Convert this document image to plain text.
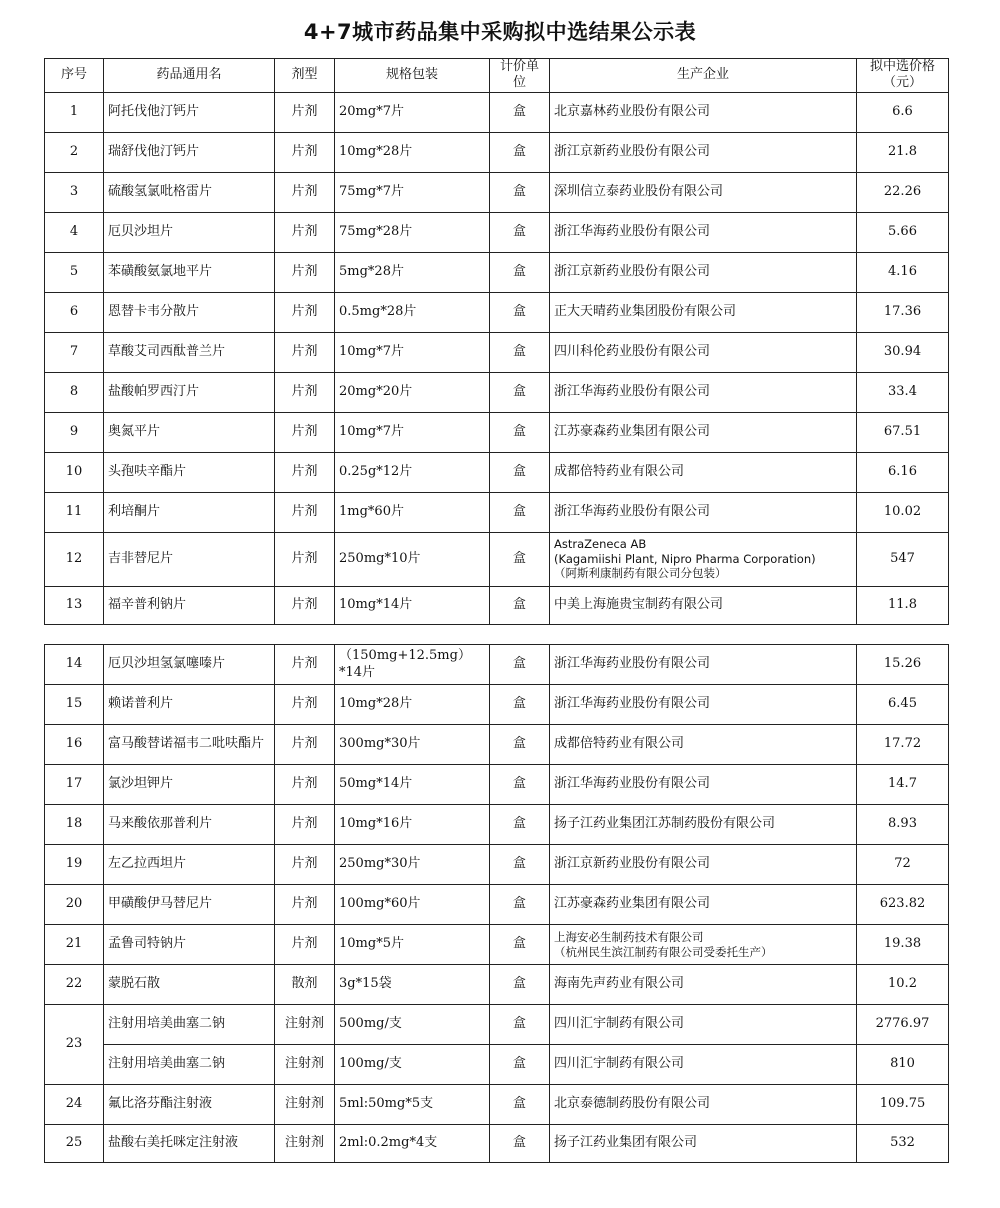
4+7城市药品集中采购拟中选结果公示表
序号	药品通用名	剂型	规格包装	计价单位	生产企业	拟中选价格（元）
1	阿托伐他汀钙片	片剂	20mg*7片	盒	北京嘉林药业股份有限公司	6.6
2	瑞舒伐他汀钙片	片剂	10mg*28片	盒	浙江京新药业股份有限公司	21.8
3	硫酸氢氯吡格雷片	片剂	75mg*7片	盒	深圳信立泰药业股份有限公司	22.26
4	厄贝沙坦片	片剂	75mg*28片	盒	浙江华海药业股份有限公司	5.66
5	苯磺酸氨氯地平片	片剂	5mg*28片	盒	浙江京新药业股份有限公司	4.16
6	恩替卡韦分散片	片剂	0.5mg*28片	盒	正大天晴药业集团股份有限公司	17.36
7	草酸艾司西酞普兰片	片剂	10mg*7片	盒	四川科伦药业股份有限公司	30.94
8	盐酸帕罗西汀片	片剂	20mg*20片	盒	浙江华海药业股份有限公司	33.4
9	奥氮平片	片剂	10mg*7片	盒	江苏豪森药业集团有限公司	67.51
10	头孢呋辛酯片	片剂	0.25g*12片	盒	成都倍特药业有限公司	6.16
11	利培酮片	片剂	1mg*60片	盒	浙江华海药业股份有限公司	10.02
12	吉非替尼片	片剂	250mg*10片	盒	AstraZeneca AB
(Kagamiishi Plant, Nipro Pharma Corporation)
（阿斯利康制药有限公司分包装）	547
13	福辛普利钠片	片剂	10mg*14片	盒	中美上海施贵宝制药有限公司	11.8
14	厄贝沙坦氢氯噻嗪片	片剂	（150mg+12.5mg）*14片	盒	浙江华海药业股份有限公司	15.26
15	赖诺普利片	片剂	10mg*28片	盒	浙江华海药业股份有限公司	6.45
16	富马酸替诺福韦二吡呋酯片	片剂	300mg*30片	盒	成都倍特药业有限公司	17.72
17	氯沙坦钾片	片剂	50mg*14片	盒	浙江华海药业股份有限公司	14.7
18	马来酸依那普利片	片剂	10mg*16片	盒	扬子江药业集团江苏制药股份有限公司	8.93
19	左乙拉西坦片	片剂	250mg*30片	盒	浙江京新药业股份有限公司	72
20	甲磺酸伊马替尼片	片剂	100mg*60片	盒	江苏豪森药业集团有限公司	623.82
21	孟鲁司特钠片	片剂	10mg*5片	盒	上海安必生制药技术有限公司
（杭州民生滨江制药有限公司受委托生产）	19.38
22	蒙脱石散	散剂	3g*15袋	盒	海南先声药业有限公司	10.2
23	注射用培美曲塞二钠	注射剂	500mg/支	盒	四川汇宇制药有限公司	2776.97
	注射用培美曲塞二钠	注射剂	100mg/支	盒	四川汇宇制药有限公司	810
24	氟比洛芬酯注射液	注射剂	5ml:50mg*5支	盒	北京泰德制药股份有限公司	109.75
25	盐酸右美托咪定注射液	注射剂	2ml:0.2mg*4支	盒	扬子江药业集团有限公司	532
